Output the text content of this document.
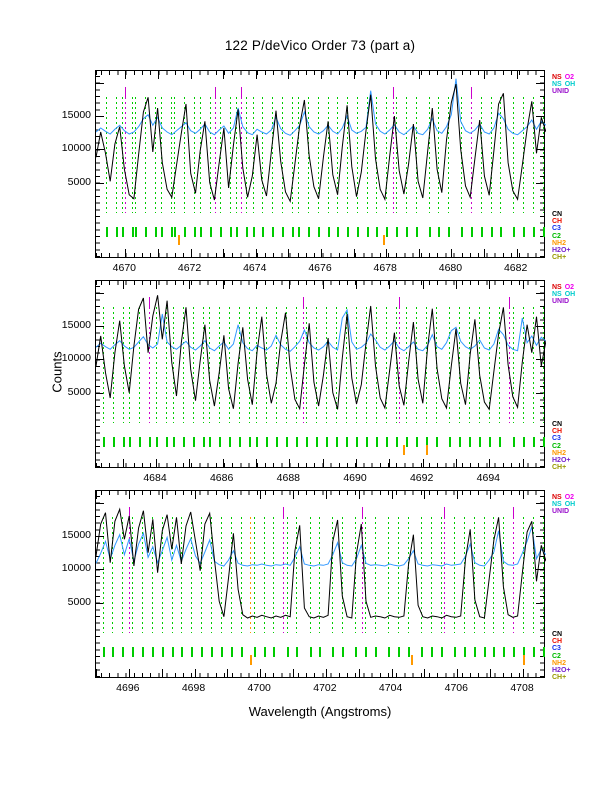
122 P/deVico Order 73 (part a)
Counts
Wavelength (Angstroms)
5000
10000
15000
4670	4672	4674	4676	4678	4680	4682
NS O2
NS OH
UNID
CN
CH
C3
C2
NH2
H2O+
CH+
5000
10000
15000
4684	4686	4688	4690	4692	4694
NS O2
NS OH
UNID
CN
CH
C3
C2
NH2
H2O+
CH+
5000
10000
15000
4696	4698	4700	4702	4704	4706	4708
NS O2
NS OH
UNID
CN
CH
C3
C2
NH2
H2O+
CH+
